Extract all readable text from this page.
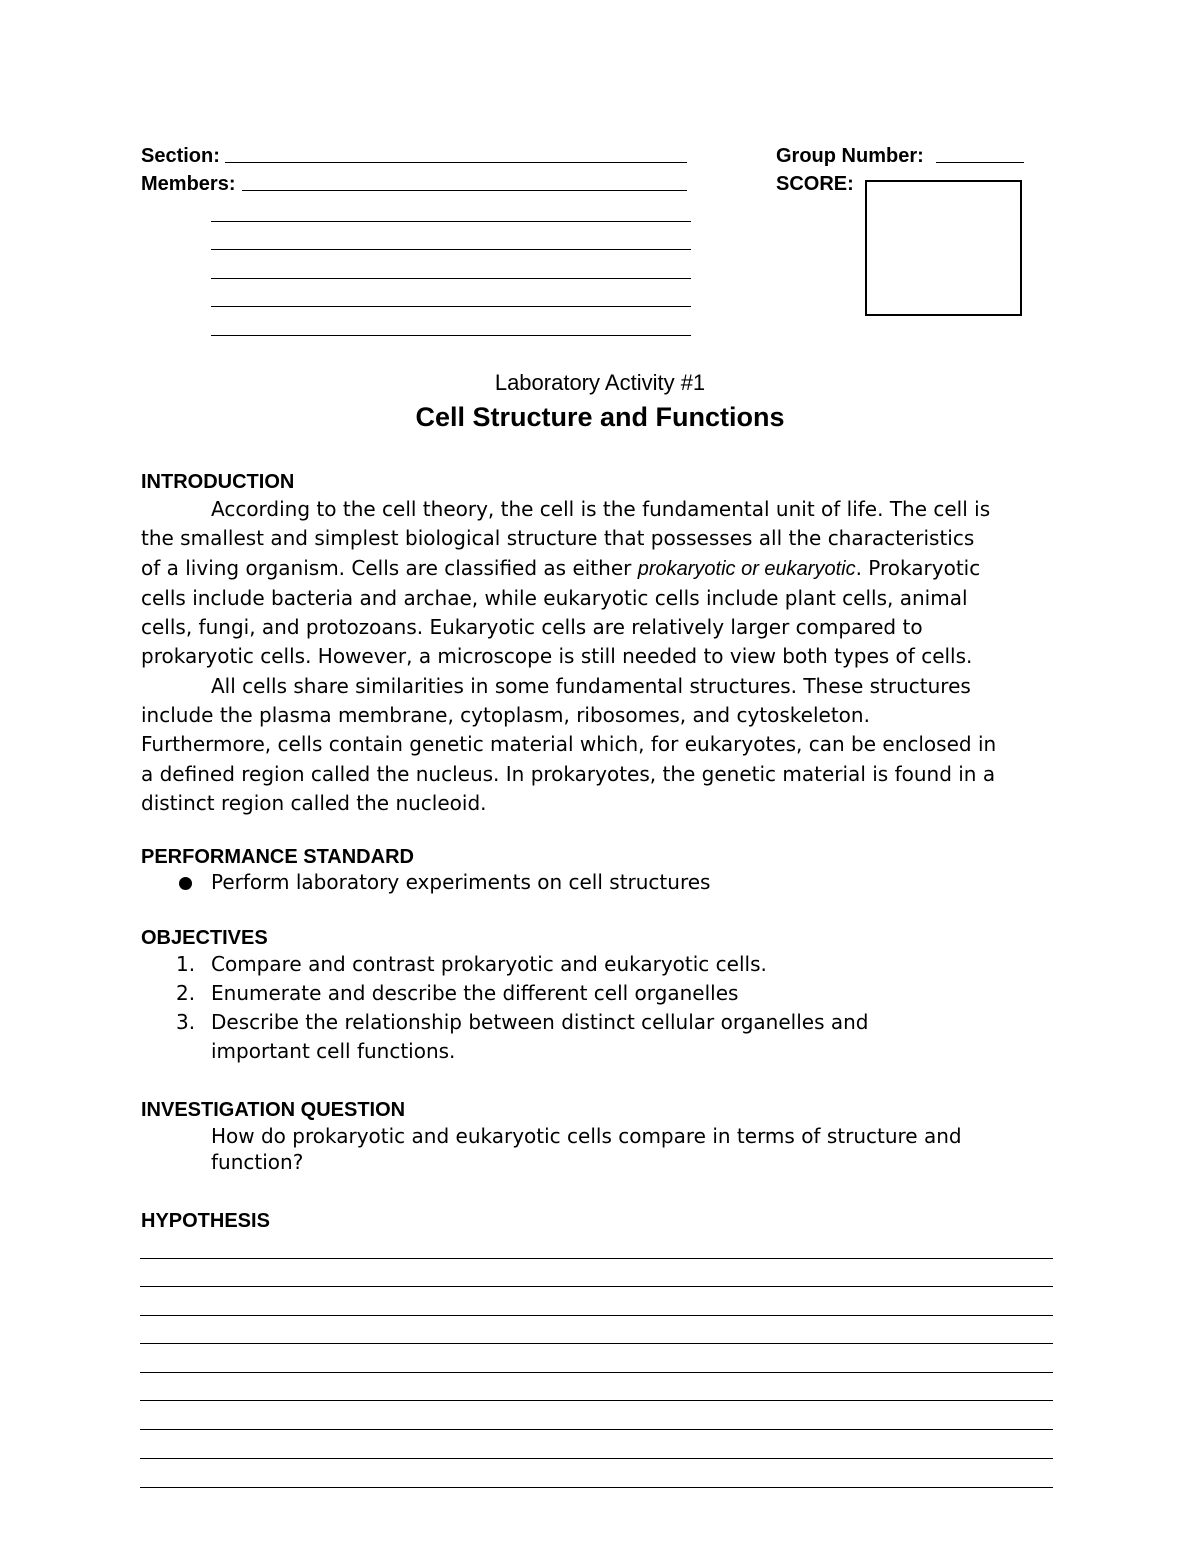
Section:
Members:
Group Number:
SCORE:
Laboratory Activity #1
Cell Structure and Functions
INTRODUCTION
According to the cell theory, the cell is the fundamental unit of life. The cell is
the smallest and simplest biological structure that possesses all the characteristics
of a living organism. Cells are classified as either prokaryotic or eukaryotic. Prokaryotic
cells include bacteria and archae, while eukaryotic cells include plant cells, animal
cells, fungi, and protozoans. Eukaryotic cells are relatively larger compared to
prokaryotic cells. However, a microscope is still needed to view both types of cells.
All cells share similarities in some fundamental structures. These structures
include the plasma membrane, cytoplasm, ribosomes, and cytoskeleton.
Furthermore, cells contain genetic material which, for eukaryotes, can be enclosed in
a defined region called the nucleus. In prokaryotes, the genetic material is found in a
distinct region called the nucleoid.
PERFORMANCE STANDARD
Perform laboratory experiments on cell structures
OBJECTIVES
1. Compare and contrast prokaryotic and eukaryotic cells.
2. Enumerate and describe the different cell organelles
3. Describe the relationship between distinct cellular organelles and
important cell functions.
INVESTIGATION QUESTION
How do prokaryotic and eukaryotic cells compare in terms of structure and
function?
HYPOTHESIS
